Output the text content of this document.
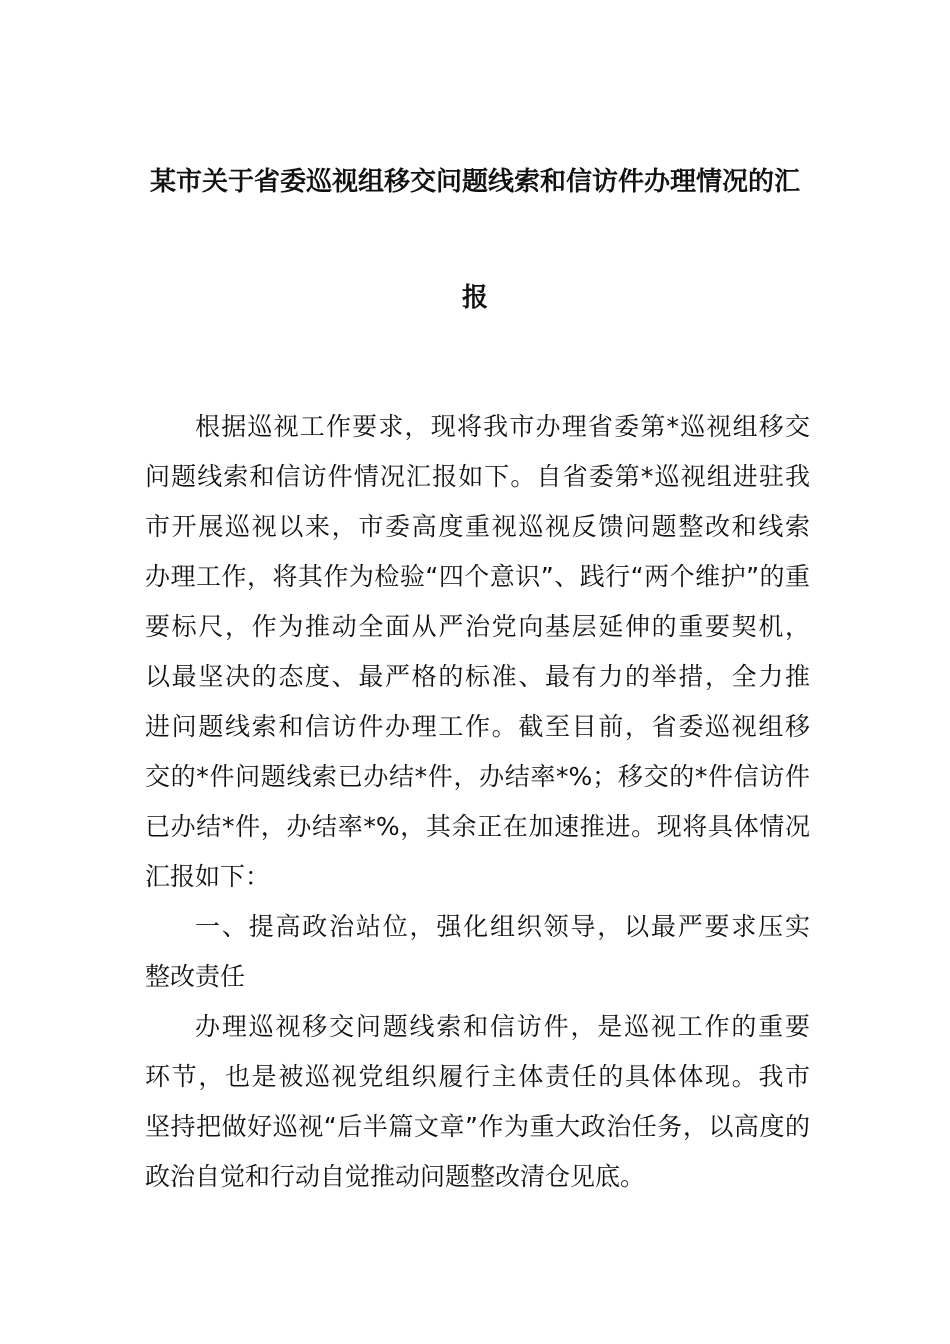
某市关于省委巡视组移交问题线索和信访件办理情况的汇
报
根据巡视工作要求，现将我市办理省委第*巡视组移交
问题线索和信访件情况汇报如下。自省委第*巡视组进驻我
市开展巡视以来，市委高度重视巡视反馈问题整改和线索
办理工作，将其作为检验“四个意识”、践行“两个维护”的重
要标尺，作为推动全面从严治党向基层延伸的重要契机，
以最坚决的态度、最严格的标准、最有力的举措，全力推
进问题线索和信访件办理工作。截至目前，省委巡视组移
交的*件问题线索已办结*件，办结率*%；移交的*件信访件
已办结*件，办结率*%，其余正在加速推进。现将具体情况
汇报如下：
一、提高政治站位，强化组织领导，以最严要求压实
整改责任
办理巡视移交问题线索和信访件，是巡视工作的重要
环节，也是被巡视党组织履行主体责任的具体体现。我市
坚持把做好巡视“后半篇文章”作为重大政治任务，以高度的
政治自觉和行动自觉推动问题整改清仓见底。
